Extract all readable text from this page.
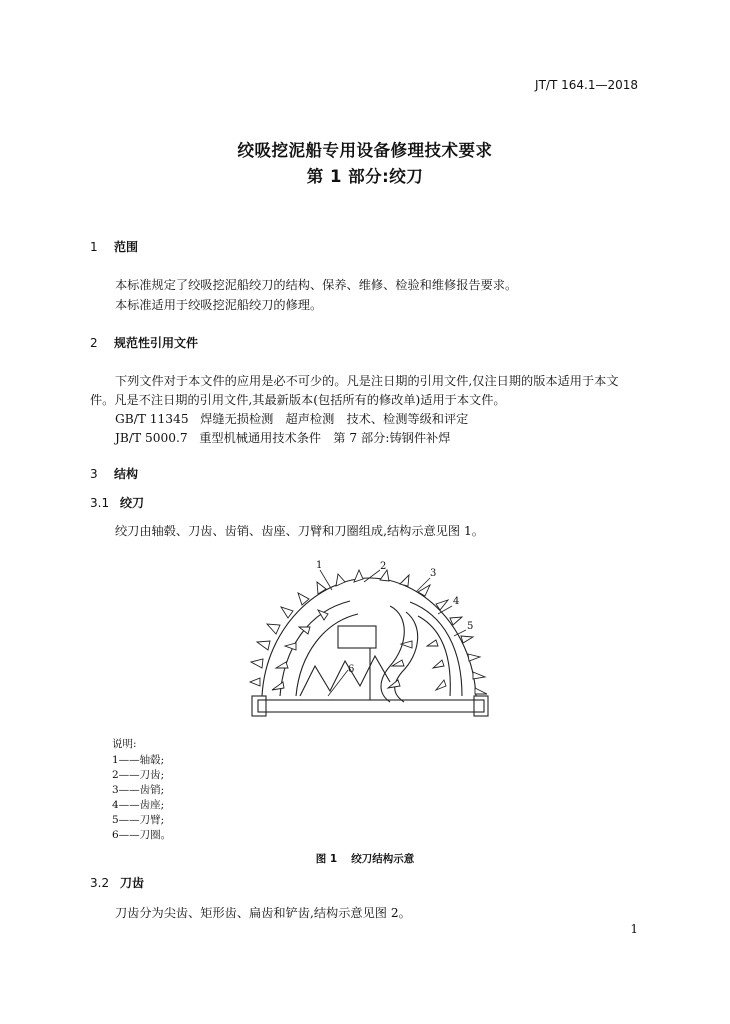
JT/T 164.1—2018
绞吸挖泥船专用设备修理技术要求
第 1 部分:绞刀
1 范围
本标准规定了绞吸挖泥船绞刀的结构、保养、维修、检验和维修报告要求。
本标准适用于绞吸挖泥船绞刀的修理。
2 规范性引用文件
下列文件对于本文件的应用是必不可少的。凡是注日期的引用文件,仅注日期的版本适用于本文
件。凡是不注日期的引用文件,其最新版本(包括所有的修改单)适用于本文件。
GB/T 11345 焊缝无损检测　超声检测　技术、检测等级和评定
JB/T 5000.7 重型机械通用技术条件　第 7 部分:铸钢件补焊
3 结构
3.1 绞刀
绞刀由轴毂、刀齿、齿销、齿座、刀臂和刀圈组成,结构示意见图 1。
1	2
3
4
5
6
说明:
1——轴毂;
2——刀齿;
3——齿销;
4——齿座;
5——刀臂;
6——刀圈。
图 1 绞刀结构示意
3.2 刀齿
刀齿分为尖齿、矩形齿、扁齿和铲齿,结构示意见图 2。
1
